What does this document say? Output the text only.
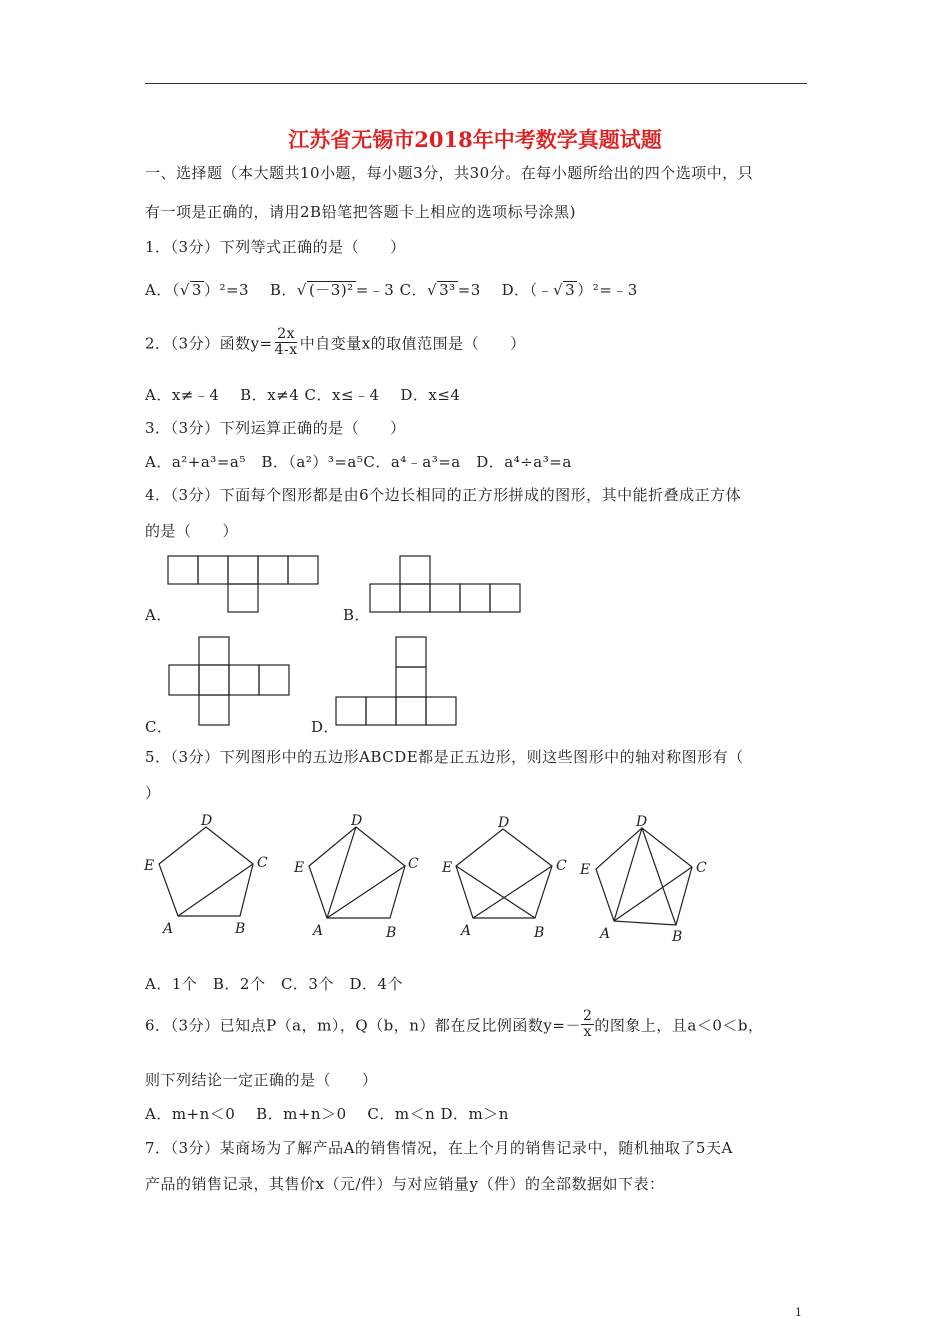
江苏省无锡市2018年中考数学真题试题
一、选择题（本大题共10小题，每小题3分，共30分。在每小题所给出的四个选项中，只
有一项是正确的，请用2B铅笔把答题卡上相应的选项标号涂黑)
1．（3分）下列等式正确的是（　　）
A．（√ 3 ）²=3　 B．√ (－3)² =﹣3 C．√ 3³ =3　 D．（﹣√ 3 ）²=﹣3
2．（3分）函数$y= \frac{2x}{4-x}$ 中自变量x的取值范围是（　　）
A．x≠﹣4　 B．x≠4 C．x≤﹣4　 D．x≤4
3．（3分）下列运算正确的是（　　）
A．a²+a³=a⁵　B．（a²）³=a⁵C．a⁴﹣a³=a　D．a⁴÷a³=a
4．（3分）下面每个图形都是由6个边长相同的正方形拼成的图形，其中能折叠成正方体
的是（　　）
A．	B．
C．	D．
5．（3分）下列图形中的五边形ABCDE都是正五边形，则这些图形中的轴对称图形有（
）
A	B
C
D
E
A	B
C
D
E
A	B
C
D
E
A	B
C
D
E
A．1个　B．2个　C．3个　D．4个
6．（3分）已知点P（a，m），Q（b，n）都在反比例函数$y=- \frac{2}{x}$ 的图象上，且a＜0＜b，
则下列结论一定正确的是（　　）
A．m+n＜0　 B．m+n＞0　 C．m＜n D．m＞n
7．（3分）某商场为了解产品A的销售情况，在上个月的销售记录中，随机抽取了5天A
产品的销售记录，其售价x（元/件）与对应销量y（件）的全部数据如下表：
1
